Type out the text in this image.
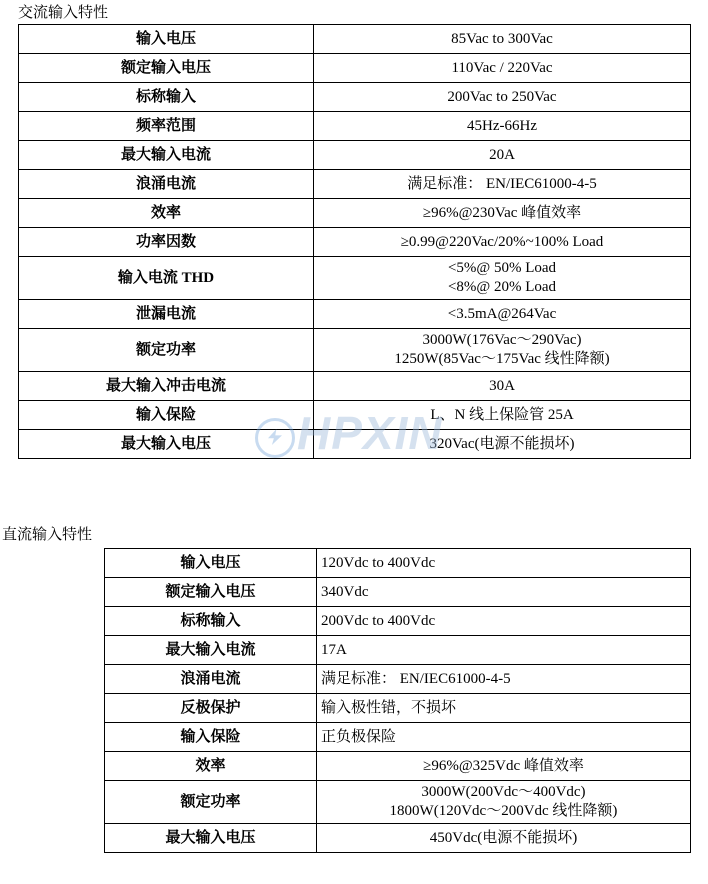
交流输入特性
输入电压	85Vac to 300Vac

额定输入电压	110Vac / 220Vac

标称输入	200Vac to 250Vac

频率范围	45Hz-66Hz

最大输入电流	20A

浪涌电流	满足标准： EN/IEC61000-4-5

效率	≥96%@230Vac 峰值效率

功率因数	≥0.99@220Vac/20%~100% Load

输入电流 THD	<5%@ 50% Load
<8%@ 20% Load

泄漏电流	<3.5mA@264Vac

额定功率	3000W(176Vac～290Vac)
1250W(85Vac～175Vac 线性降额)

最大输入冲击电流	30A

输入保险	L、N 线上保险管 25A

最大输入电压	320Vac(电源不能损坏)
直流输入特性
输入电压	120Vdc to 400Vdc

额定输入电压	340Vdc

标称输入	200Vdc to 400Vdc

最大输入电流	17A

浪涌电流	满足标准： EN/IEC61000-4-5

反极保护	输入极性错，不损坏

输入保险	正负极保险

效率	≥96%@325Vdc 峰值效率

额定功率	3000W(200Vdc～400Vdc)
1800W(120Vdc～200Vdc 线性降额)

最大输入电压	450Vdc(电源不能损坏)
HPXIN
